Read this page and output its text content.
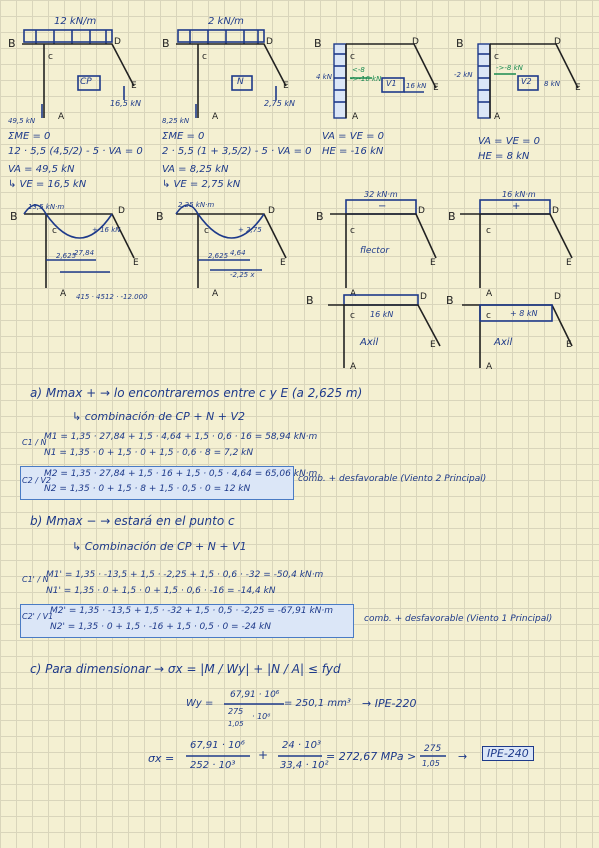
12 kN/m
B
c
D
E
CP
16,5 kN
A
49,5 kN
2 kN/m
B
c
D
E
N
2,75 kN
A
8,25 kN
B
c
D
E
V1
4 kN
<-8
->-16 kN
16 kN
A
B
c
D
E
V2
-2 kN
->-8 kN
8 kN
A
ΣME = 0
12 · 5,5 (4,5/2) - 5 · VA = 0
VA = 49,5 kN
↳ VE = 16,5 kN
ΣME = 0
2 · 5,5 (1 + 3,5/2) - 5 · VA = 0
VA = 8,25 kN
↳ VE = 2,75 kN
VA = VE = 0
HE = -16 kN
VA = VE = 0
HE = 8 kN
B
c
D
E
A
13,5 kN·m
+ 16 kN
27,84
2,625
415 · 4512 · -12.000
B
c
D
E
A
2,25 kN·m
+ 2,75
4,64
2,625
-2,25 x
B
c
D
E
A
32 kN·m
−
flector
B
c
D
E
A
16 kN·m
+
B
c
D
E
A
−
16 kN
Axil
B
c
D
E
A
+ 8 kN
Axil
a) Mmax + → lo encontraremos entre c y E (a 2,625 m)
↳ combinación de CP + N + V2
C1 / N
M1 = 1,35 · 27,84 + 1,5 · 4,64 + 1,5 · 0,6 · 16 = 58,94 kN·m
N1 = 1,35 · 0 + 1,5 · 0 + 1,5 · 0,6 · 8 = 7,2 kN
C2 / V2
M2 = 1,35 · 27,84 + 1,5 · 16 + 1,5 · 0,5 · 4,64 = 65,06 kN·m
N2 = 1,35 · 0 + 1,5 · 8 + 1,5 · 0,5 · 0 = 12 kN
comb. + desfavorable (Viento 2 Principal)
b) Mmax − → estará en el punto c
↳ Combinación de CP + N + V1
C1' / N
M1' = 1,35 · -13,5 + 1,5 · -2,25 + 1,5 · 0,6 · -32 = -50,4 kN·m
N1' = 1,35 · 0 + 1,5 · 0 + 1,5 · 0,6 · -16 = -14,4 kN
C2' / V1
M2' = 1,35 · -13,5 + 1,5 · -32 + 1,5 · 0,5 · -2,25 = -67,91 kN·m
N2' = 1,35 · 0 + 1,5 · -16 + 1,5 · 0,5 · 0 = -24 kN
comb. + desfavorable (Viento 1 Principal)
c) Para dimensionar → σx = |M / Wy| + |N / A| ≤ fyd
Wy =
67,91 · 10⁶
275
· 10⁶
1,05
= 250,1 mm³ → IPE-220
σx =
67,91 · 10⁶
252 · 10³
+
24 · 10³
33,4 · 10²
= 272,67 MPa >
275
1,05
→	IPE-240
